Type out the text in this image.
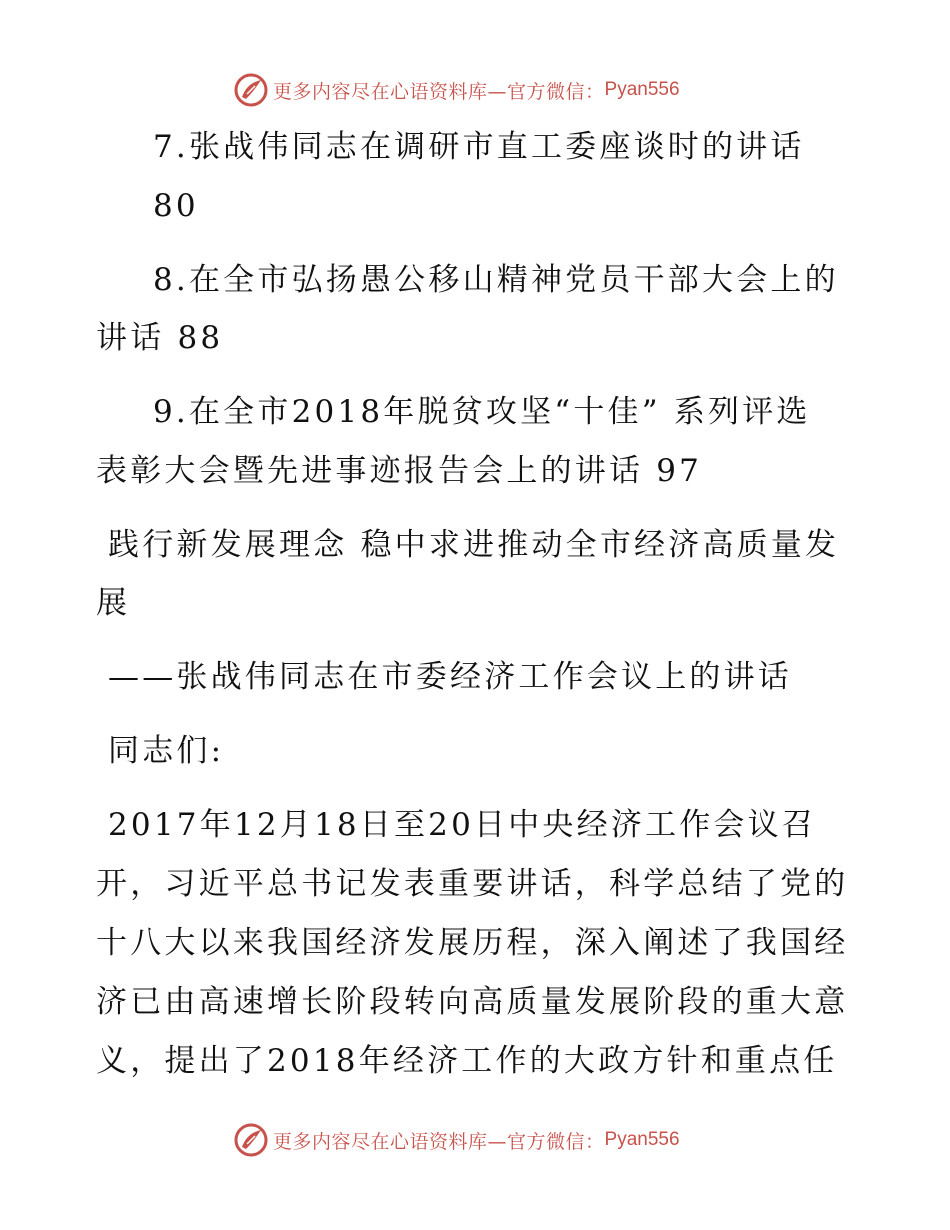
更多内容尽在心语资料库—官方微信： Pyan556
7.张战伟同志在调研市直工委座谈时的讲话
80
8.在全市弘扬愚公移山精神党员干部大会上的
讲话 88
9.在全市2018年脱贫攻坚“十佳” 系列评选
表彰大会暨先进事迹报告会上的讲话 97
践行新发展理念 稳中求进推动全市经济高质量发
展
——张战伟同志在市委经济工作会议上的讲话
同志们:
2017年12月18日至20日中央经济工作会议召
开，习近平总书记发表重要讲话，科学总结了党的
十八大以来我国经济发展历程，深入阐述了我国经
济已由高速增长阶段转向高质量发展阶段的重大意
义，提出了2018年经济工作的大政方针和重点任
更多内容尽在心语资料库—官方微信： Pyan556
